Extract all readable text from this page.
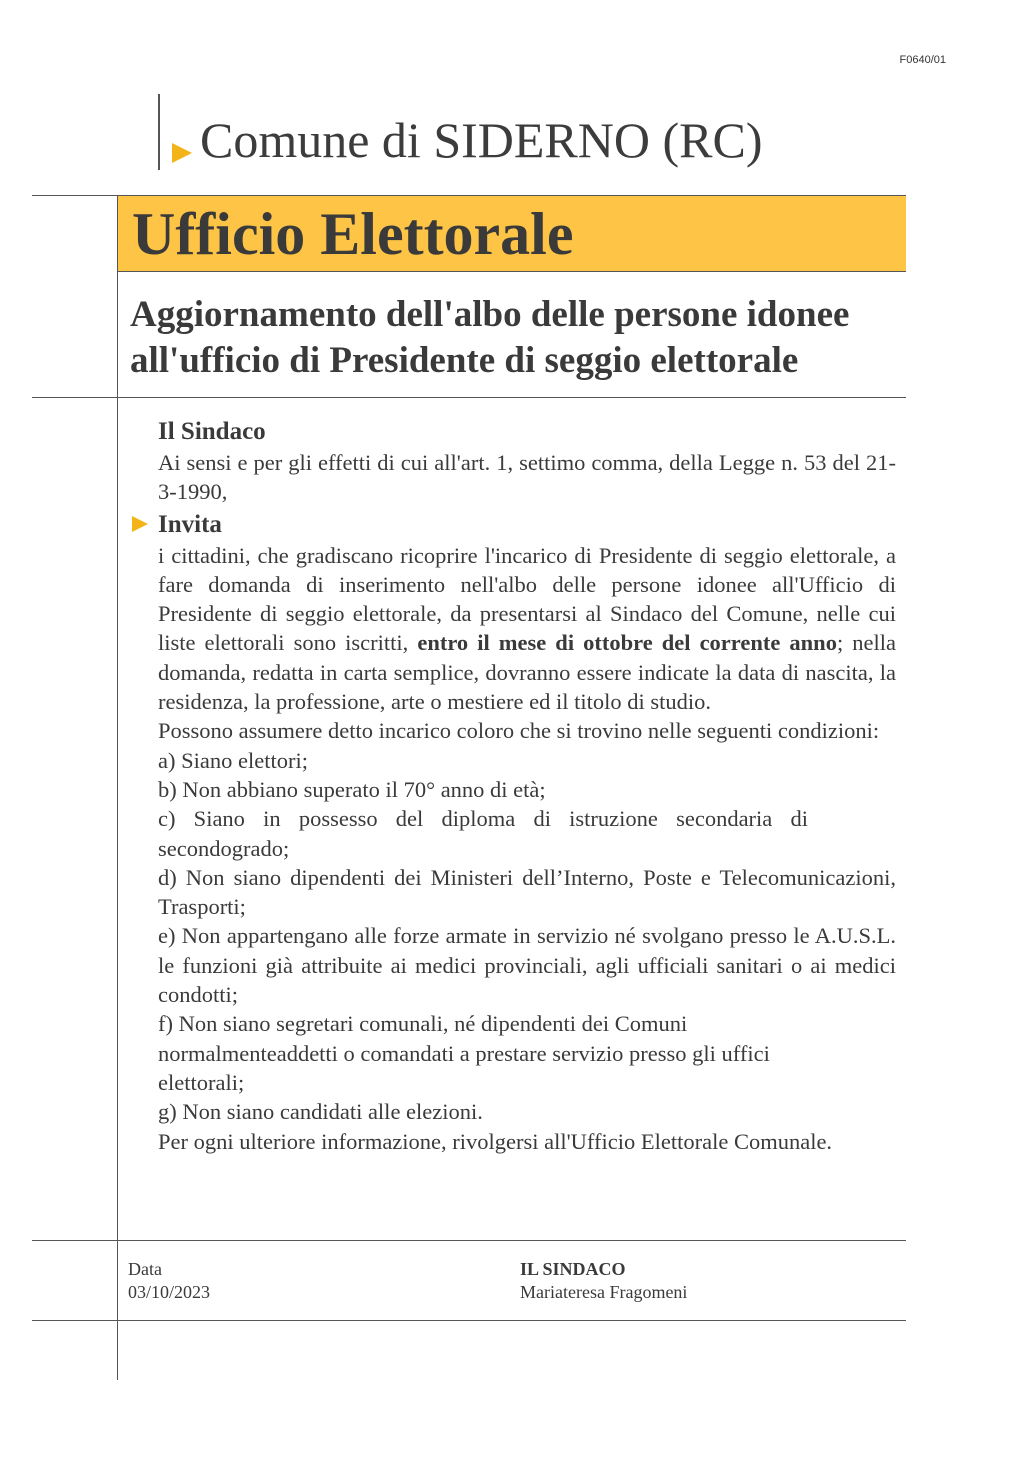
F0640/01
Comune di SIDERNO (RC)
Ufficio Elettorale
Aggiornamento dell'albo delle persone idonee all'ufficio di Presidente di seggio elettorale

Il Sindaco

Ai sensi e per gli effetti di cui all'art. 1, settimo comma, della Legge n. 53 del 21-3-1990,

Invita

i cittadini, che gradiscano ricoprire l'incarico di Presidente di seggio elettorale, a fare domanda di inserimento nell'albo delle persone idonee all'Ufficio di Presidente di seggio elettorale, da presentarsi al Sindaco del Comune, nelle cui liste elettorali sono iscritti, entro il mese di ottobre del corrente anno; nella domanda, redatta in carta semplice, dovranno essere indicate la data di nascita, la residenza, la professione, arte o mestiere ed il titolo di studio.

Possono assumere detto incarico coloro che si trovino nelle seguenti condizioni:

a) Siano elettori;

b) Non abbiano superato il 70° anno di età;

c) Siano in possesso del diploma di istruzione secondaria di secondogrado;

d) Non siano dipendenti dei Ministeri dell’Interno, Poste e Telecomunicazioni, Trasporti;

e) Non appartengano alle forze armate in servizio né svolgano presso le A.U.S.L. le funzioni già attribuite ai medici provinciali, agli ufficiali sanitari o ai medici condotti;

f) Non siano segretari comunali, né dipendenti dei Comuni normalmenteaddetti o comandati a prestare servizio presso gli uffici elettorali;

g) Non siano candidati alle elezioni.

Per ogni ulteriore informazione, rivolgersi all'Ufficio Elettorale Comunale.

Data
03/10/2023
IL SINDACO
Mariateresa Fragomeni
